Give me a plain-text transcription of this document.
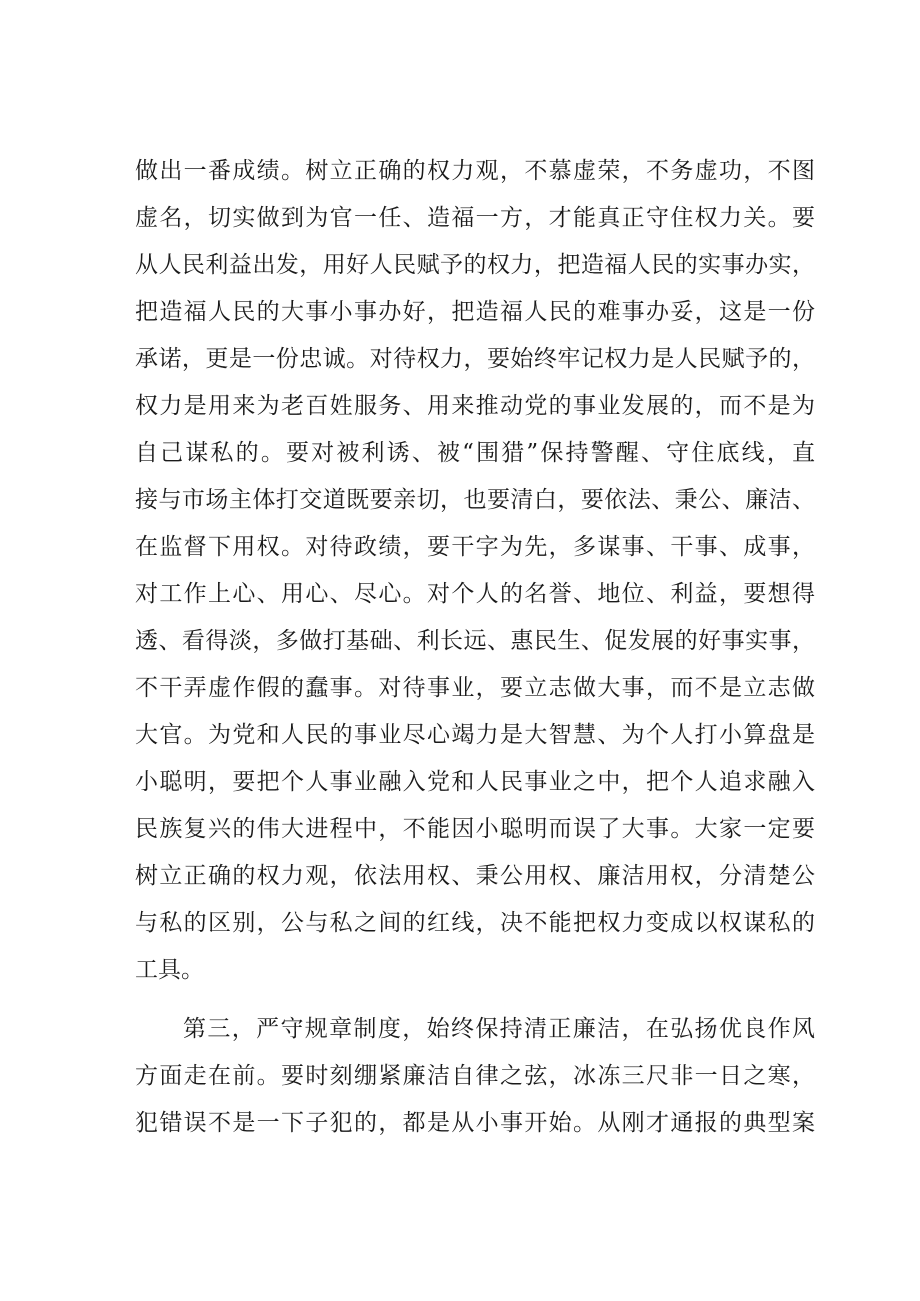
做出一番成绩。树立正确的权力观，不慕虚荣，不务虚功，不图
虚名，切实做到为官一任、造福一方，才能真正守住权力关。要
从人民利益出发，用好人民赋予的权力，把造福人民的实事办实，
把造福人民的大事小事办好，把造福人民的难事办妥，这是一份
承诺，更是一份忠诚。对待权力，要始终牢记权力是人民赋予的，
权力是用来为老百姓服务、用来推动党的事业发展的，而不是为
自己谋私的。要对被利诱、被“围猎”保持警醒、守住底线，直
接与市场主体打交道既要亲切，也要清白，要依法、秉公、廉洁、
在监督下用权。对待政绩，要干字为先，多谋事、干事、成事，
对工作上心、用心、尽心。对个人的名誉、地位、利益，要想得
透、看得淡，多做打基础、利长远、惠民生、促发展的好事实事，
不干弄虚作假的蠢事。对待事业，要立志做大事，而不是立志做
大官。为党和人民的事业尽心竭力是大智慧、为个人打小算盘是
小聪明，要把个人事业融入党和人民事业之中，把个人追求融入
民族复兴的伟大进程中，不能因小聪明而误了大事。大家一定要
树立正确的权力观，依法用权、秉公用权、廉洁用权，分清楚公
与私的区别，公与私之间的红线，决不能把权力变成以权谋私的
工具。
第三，严守规章制度，始终保持清正廉洁，在弘扬优良作风
方面走在前。要时刻绷紧廉洁自律之弦，冰冻三尺非一日之寒，
犯错误不是一下子犯的，都是从小事开始。从刚才通报的典型案
